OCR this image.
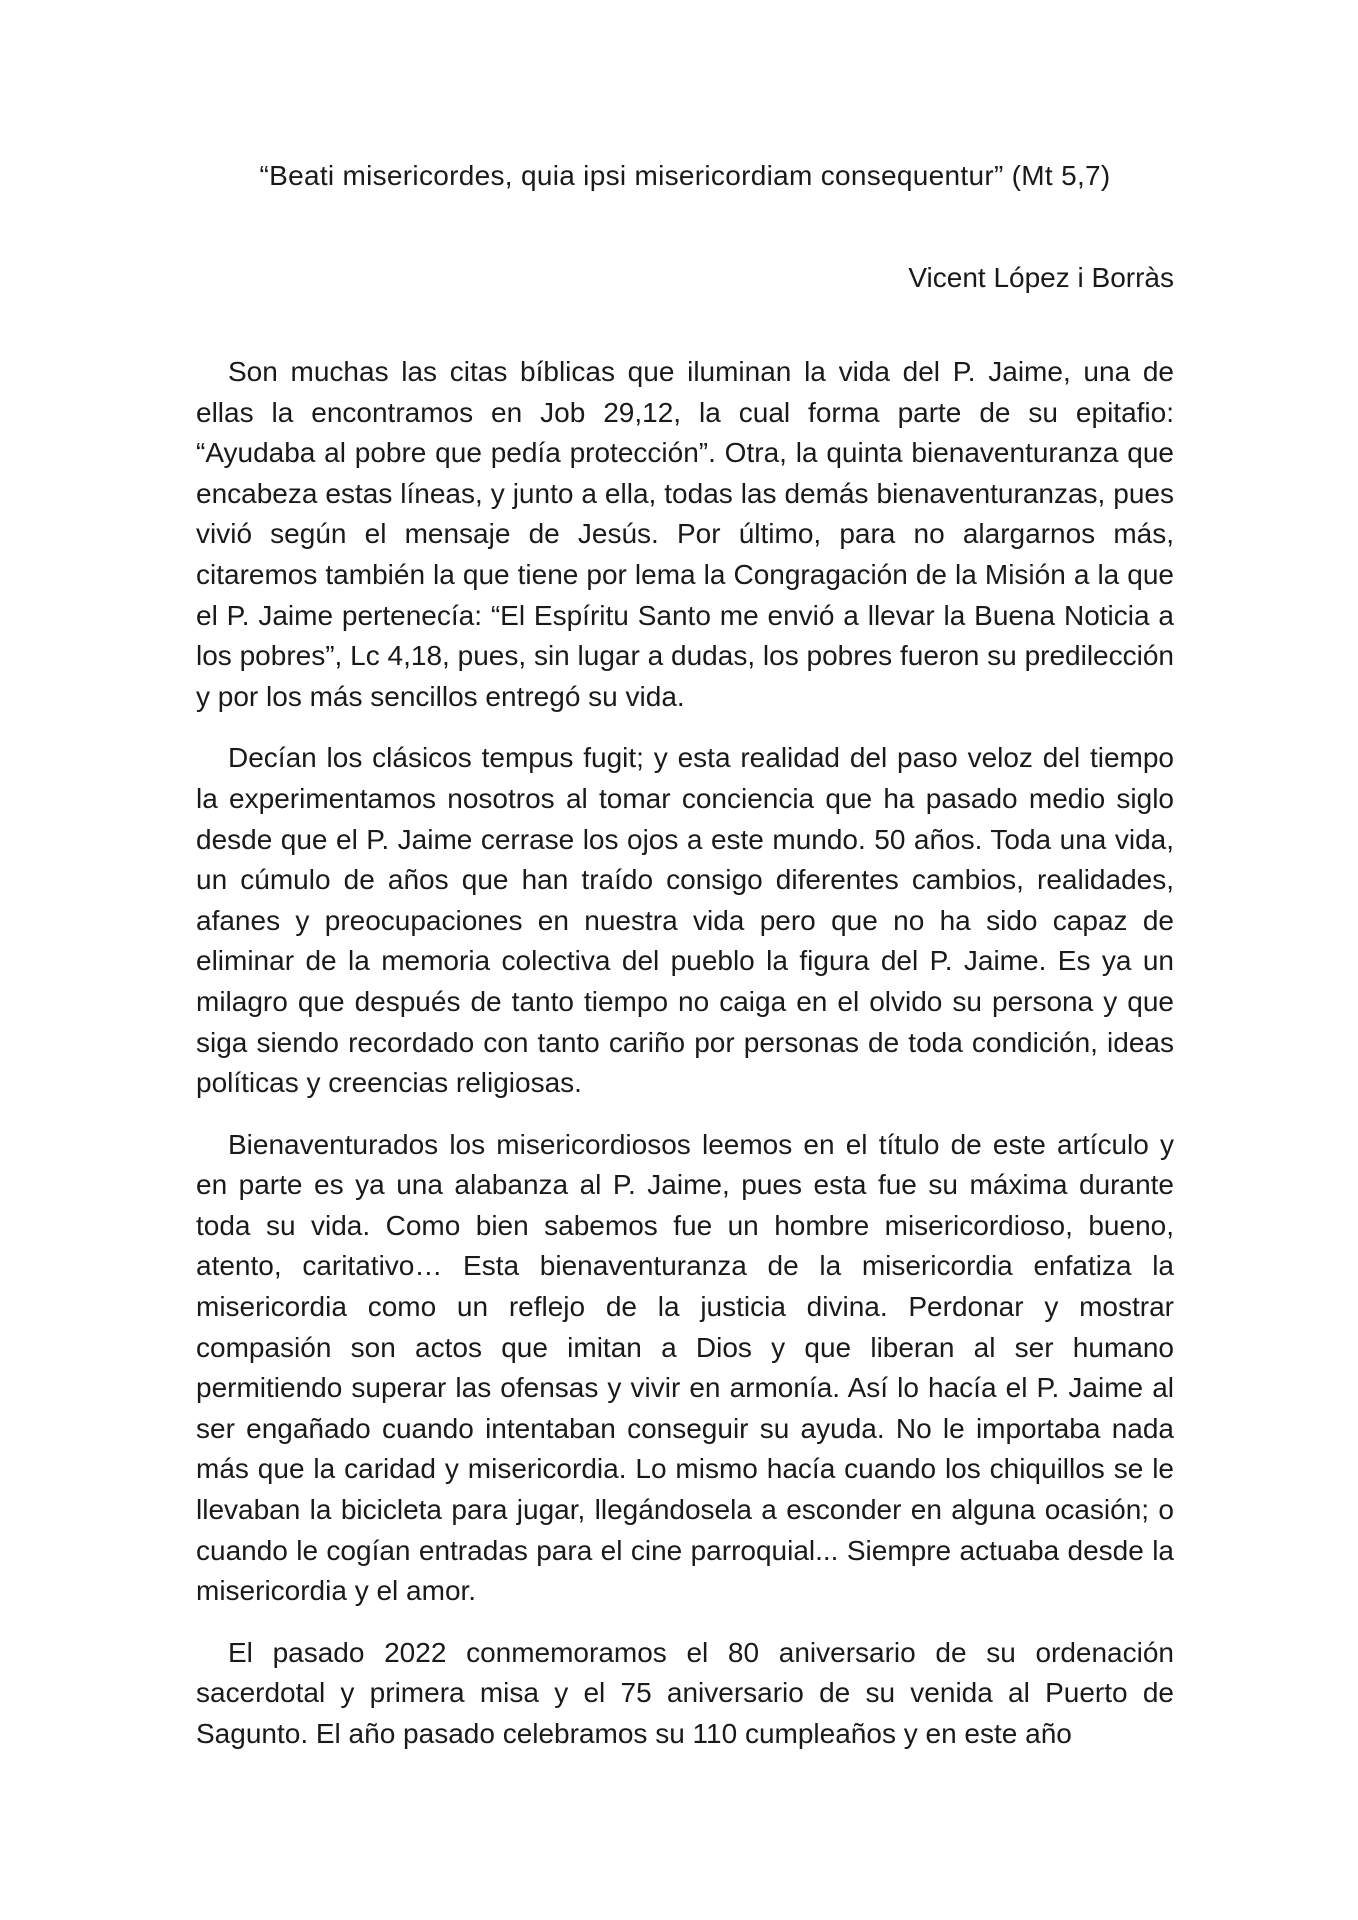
“Beati misericordes, quia ipsi misericordiam consequentur” (Mt 5,7)

Vicent López i Borràs

Son muchas las citas bíblicas que iluminan la vida del P. Jaime, una de ellas la encontramos en Job 29,12, la cual forma parte de su epitafio: “Ayudaba al pobre que pedía protección”. Otra, la quinta bienaventuranza que encabeza estas líneas, y junto a ella, todas las demás bienaventuranzas, pues vivió según el mensaje de Jesús. Por último, para no alargarnos más, citaremos también la que tiene por lema la Congragación de la Misión a la que el P. Jaime pertenecía: “El Espíritu Santo me envió a llevar la Buena Noticia a los pobres”, Lc 4,18, pues, sin lugar a dudas, los pobres fueron su predilección y por los más sencillos entregó su vida.

Decían los clásicos tempus fugit; y esta realidad del paso veloz del tiempo la experimentamos nosotros al tomar conciencia que ha pasado medio siglo desde que el P. Jaime cerrase los ojos a este mundo. 50 años. Toda una vida, un cúmulo de años que han traído consigo diferentes cambios, realidades, afanes y preocupaciones en nuestra vida pero que no ha sido capaz de eliminar de la memoria colectiva del pueblo la figura del P. Jaime. Es ya un milagro que después de tanto tiempo no caiga en el olvido su persona y que siga siendo recordado con tanto cariño por personas de toda condición, ideas políticas y creencias religiosas.

Bienaventurados los misericordiosos leemos en el título de este artículo y en parte es ya una alabanza al P. Jaime, pues esta fue su máxima durante toda su vida. Como bien sabemos fue un hombre misericordioso, bueno, atento, caritativo… Esta bienaventuranza de la misericordia enfatiza la misericordia como un reflejo de la justicia divina. Perdonar y mostrar compasión son actos que imitan a Dios y que liberan al ser humano permitiendo superar las ofensas y vivir en armonía. Así lo hacía el P. Jaime al ser engañado cuando intentaban conseguir su ayuda. No le importaba nada más que la caridad y misericordia. Lo mismo hacía cuando los chiquillos se le llevaban la bicicleta para jugar, llegándosela a esconder en alguna ocasión; o cuando le cogían entradas para el cine parroquial... Siempre actuaba desde la misericordia y el amor.

El pasado 2022 conmemoramos el 80 aniversario de su ordenación sacerdotal y primera misa y el 75 aniversario de su venida al Puerto de Sagunto. El año pasado celebramos su 110 cumpleaños y en este año
